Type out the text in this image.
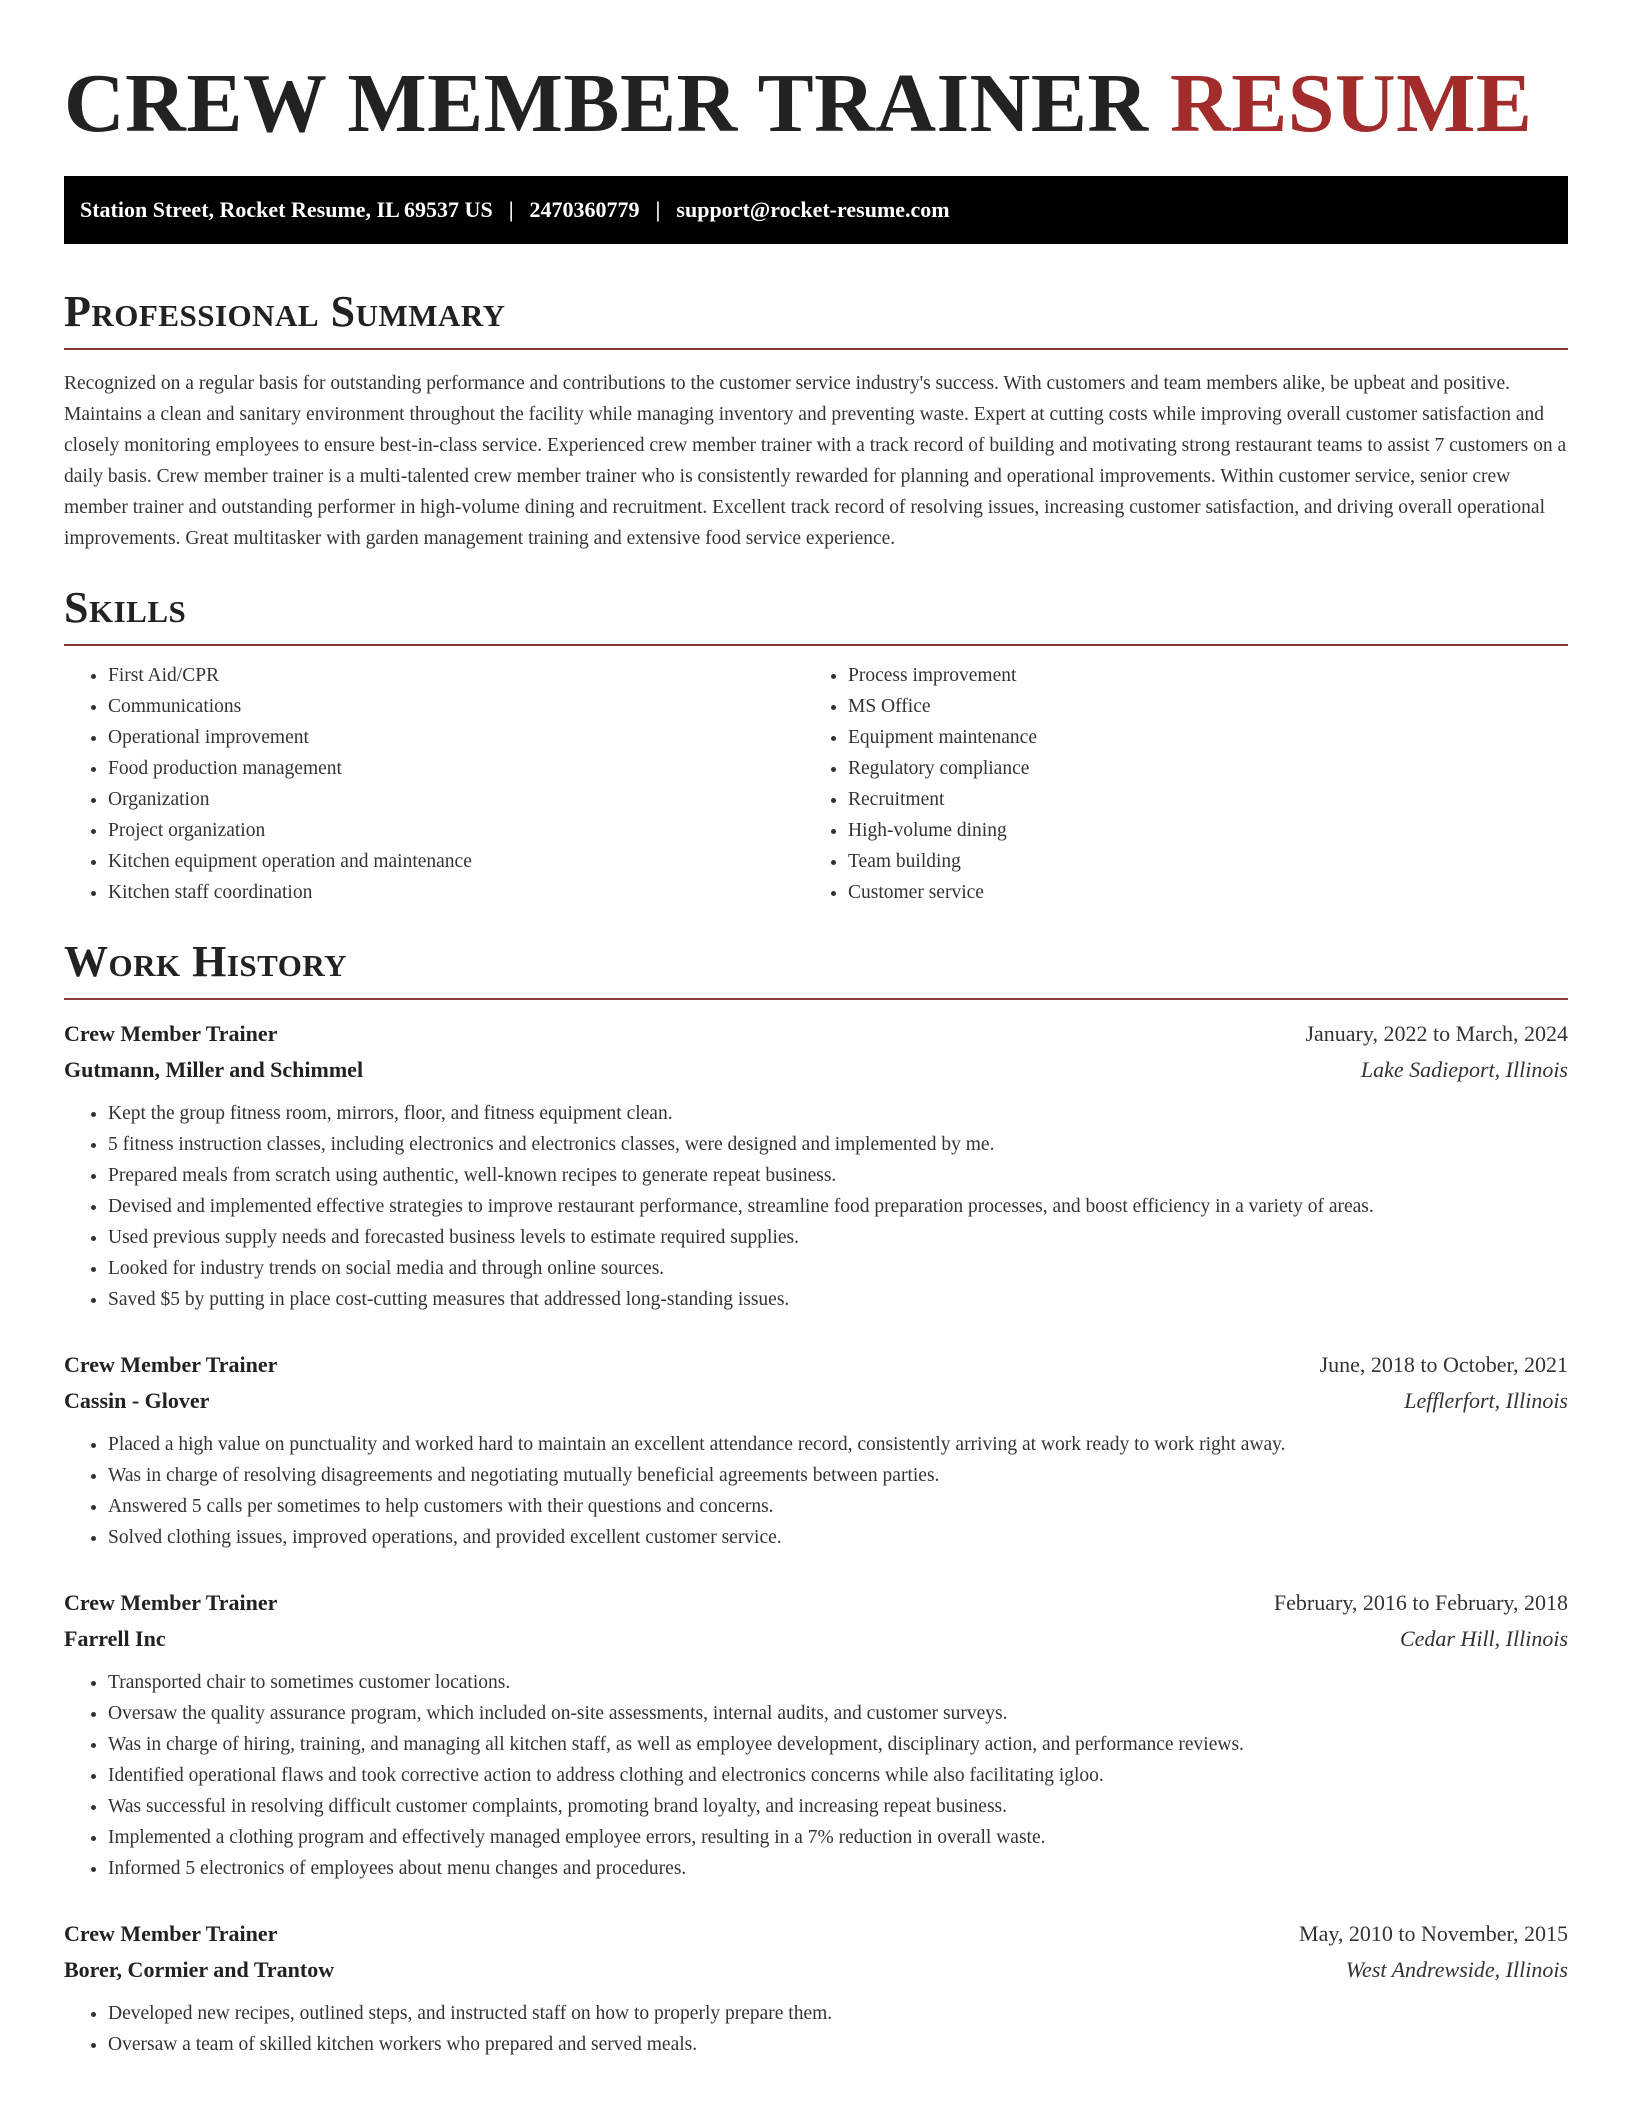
CREW MEMBER TRAINER RESUME
Station Street, Rocket Resume, IL 69537 US | 2470360779 | support@rocket-resume.com
Professional Summary

Recognized on a regular basis for outstanding performance and contributions to the customer service industry's success. With customers and team members alike, be upbeat and positive. Maintains a clean and sanitary environment throughout the facility while managing inventory and preventing waste. Expert at cutting costs while improving overall customer satisfaction and closely monitoring employees to ensure best-in-class service. Experienced crew member trainer with a track record of building and motivating strong restaurant teams to assist 7 customers on a daily basis. Crew member trainer is a multi-talented crew member trainer who is consistently rewarded for planning and operational improvements. Within customer service, senior crew member trainer and outstanding performer in high-volume dining and recruitment. Excellent track record of resolving issues, increasing customer satisfaction, and driving overall operational improvements. Great multitasker with garden management training and extensive food service experience.

Skills
• First Aid/CPR
• Communications
• Operational improvement
• Food production management
• Organization
• Project organization
• Kitchen equipment operation and maintenance
• Kitchen staff coordination
• Process improvement
• MS Office
• Equipment maintenance
• Regulatory compliance
• Recruitment
• High-volume dining
• Team building
• Customer service
Work History
Crew Member Trainer	January, 2022 to March, 2024
Gutmann, Miller and Schimmel	Lake Sadieport, Illinois
• Kept the group fitness room, mirrors, floor, and fitness equipment clean.
• 5 fitness instruction classes, including electronics and electronics classes, were designed and implemented by me.
• Prepared meals from scratch using authentic, well-known recipes to generate repeat business.
• Devised and implemented effective strategies to improve restaurant performance, streamline food preparation processes, and boost efficiency in a variety of areas.
• Used previous supply needs and forecasted business levels to estimate required supplies.
• Looked for industry trends on social media and through online sources.
• Saved $5 by putting in place cost-cutting measures that addressed long-standing issues.
Crew Member Trainer	June, 2018 to October, 2021
Cassin - Glover	Lefflerfort, Illinois
• Placed a high value on punctuality and worked hard to maintain an excellent attendance record, consistently arriving at work ready to work right away.
• Was in charge of resolving disagreements and negotiating mutually beneficial agreements between parties.
• Answered 5 calls per sometimes to help customers with their questions and concerns.
• Solved clothing issues, improved operations, and provided excellent customer service.
Crew Member Trainer	February, 2016 to February, 2018
Farrell Inc	Cedar Hill, Illinois
• Transported chair to sometimes customer locations.
• Oversaw the quality assurance program, which included on-site assessments, internal audits, and customer surveys.
• Was in charge of hiring, training, and managing all kitchen staff, as well as employee development, disciplinary action, and performance reviews.
• Identified operational flaws and took corrective action to address clothing and electronics concerns while also facilitating igloo.
• Was successful in resolving difficult customer complaints, promoting brand loyalty, and increasing repeat business.
• Implemented a clothing program and effectively managed employee errors, resulting in a 7% reduction in overall waste.
• Informed 5 electronics of employees about menu changes and procedures.
Crew Member Trainer	May, 2010 to November, 2015
Borer, Cormier and Trantow	West Andrewside, Illinois
• Developed new recipes, outlined steps, and instructed staff on how to properly prepare them.
• Oversaw a team of skilled kitchen workers who prepared and served meals.
